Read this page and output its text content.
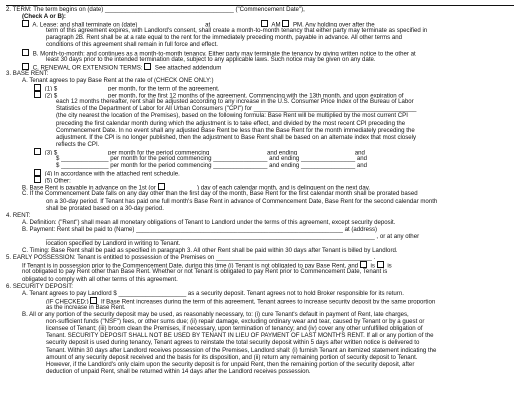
2. TERM: The term begins on (date) ______________________________________ ("Commencement Date"),
(Check A or B):
A. Lease: and shall terminate on (date) ___________________ at ______________  AM  PM. Any holding over after the
term of this agreement expires, with Landlord's consent, shall create a month-to-month tenancy that either party may terminate as specified in
paragraph 2B. Rent shall be at a rate equal to the rent for the immediately preceding month, payable in advance. All other terms and
conditions of this agreement shall remain in full force and effect.
B. Month-to-month: and continues as a month-to-month tenancy. Either party may terminate the tenancy by giving written notice to the other at
least 30 days prior to the intended termination date, subject to any applicable laws. Such notice may be given on any date.
C. RENEWAL OR EXTENSION TERMS:  See attached addendum __________________________________________________
3. BASE RENT:
A. Tenant agrees to pay Base Rent at the rate of (CHECK ONE ONLY:)
(1) $ ______________ per month, for the term of the agreement.
(2) $ ______________ per month, for the first 12 months of the agreement. Commencing with the 13th month, and upon expiration of
each 12 months thereafter, rent shall be adjusted according to any increase in the U.S. Consumer Price Index of the Bureau of Labor
Statistics of the Department of Labor for All Urban Consumers ("CPI") for ________________________________________________
(the city nearest the location of the Premises), based on the following formula: Base Rent will be multiplied by the most current CPI
preceding the first calendar month during which the adjustment is to take effect, and divided by the most recent CPI preceding the
Commencement Date. In no event shall any adjusted Base Rent be less than the Base Rent for the month immediately preceding the
adjustment. If the CPI is no longer published, then the adjustment to Base Rent shall be based on an alternate index that most closely
reflects the CPI.
(3) $ ______________ per month for the period commencing ________________ and ending ________________ and
$ ______________ per month for the period commencing ________________ and ending ________________ and
$ ______________ per month for the period commencing ________________ and ending ________________ and
(4) In accordance with the attached rent schedule.
(5) Other: ____________________________________________________________________________________
B. Base Rent is payable in advance on the 1st (or  ________ ) day of each calendar month, and is delinquent on the next day.
C. If the Commencement Date falls on any day other than the first day of the month, Base Rent for the first calendar month shall be prorated based
on a 30-day period. If Tenant has paid one full month's Base Rent in advance of Commencement Date, Base Rent for the second calendar month
shall be prorated based on a 30-day period.
4. RENT:
A. Definition: ("Rent") shall mean all monetary obligations of Tenant to Landlord under the terms of this agreement, except security deposit.
B. Payment: Rent shall be paid to (Name) _____________________________________________________________ at (address)
_________________________________________________________________________________________________ , or at any other
location specified by Landlord in writing to Tenant.
C. Timing: Base Rent shall be paid as specified in paragraph 3. All other Rent shall be paid within 30 days after Tenant is billed by Landlord.
5. EARLY POSSESSION: Tenant is entitled to possession of the Premises on ______________________________________________ .
If Tenant is in possession prior to the Commencement Date, during this time (i) Tenant is not obligated to pay Base Rent, and  is  is
not obligated to pay Rent other than Base Rent. Whether or not Tenant is obligated to pay Rent prior to Commencement Date, Tenant is
obligated to comply with all other terms of this agreement.
6. SECURITY DEPOSIT:
A. Tenant agrees to pay Landlord $ ____________________ as a security deposit. Tenant agrees not to hold Broker responsible for its return.
(IF CHECKED:)  If Base Rent increases during the term of this agreement, Tenant agrees to increase security deposit by the same proportion
as the increase in Base Rent.
B. All or any portion of the security deposit may be used, as reasonably necessary, to: (i) cure Tenant's default in payment of Rent, late charges,
non-sufficient funds ("NSF") fees, or other sums due; (ii) repair damage, excluding ordinary wear and tear, caused by Tenant or by a guest or
licensee of Tenant; (iii) broom clean the Premises, if necessary, upon termination of tenancy; and (iv) cover any other unfulfilled obligation of
Tenant. SECURITY DEPOSIT SHALL NOT BE USED BY TENANT IN LIEU OF PAYMENT OF LAST MONTH'S RENT. If all or any portion of the
security deposit is used during tenancy, Tenant agrees to reinstate the total security deposit within 5 days after written notice is delivered to
Tenant. Within 30 days after Landlord receives possession of the Premises, Landlord shall: (i) furnish Tenant an itemized statement indicating the
amount of any security deposit received and the basis for its disposition, and (ii) return any remaining portion of security deposit to Tenant.
However, if the Landlord's only claim upon the security deposit is for unpaid Rent, then the remaining portion of the security deposit, after
deduction of unpaid Rent, shall be returned within 14 days after the Landlord receives possession.
